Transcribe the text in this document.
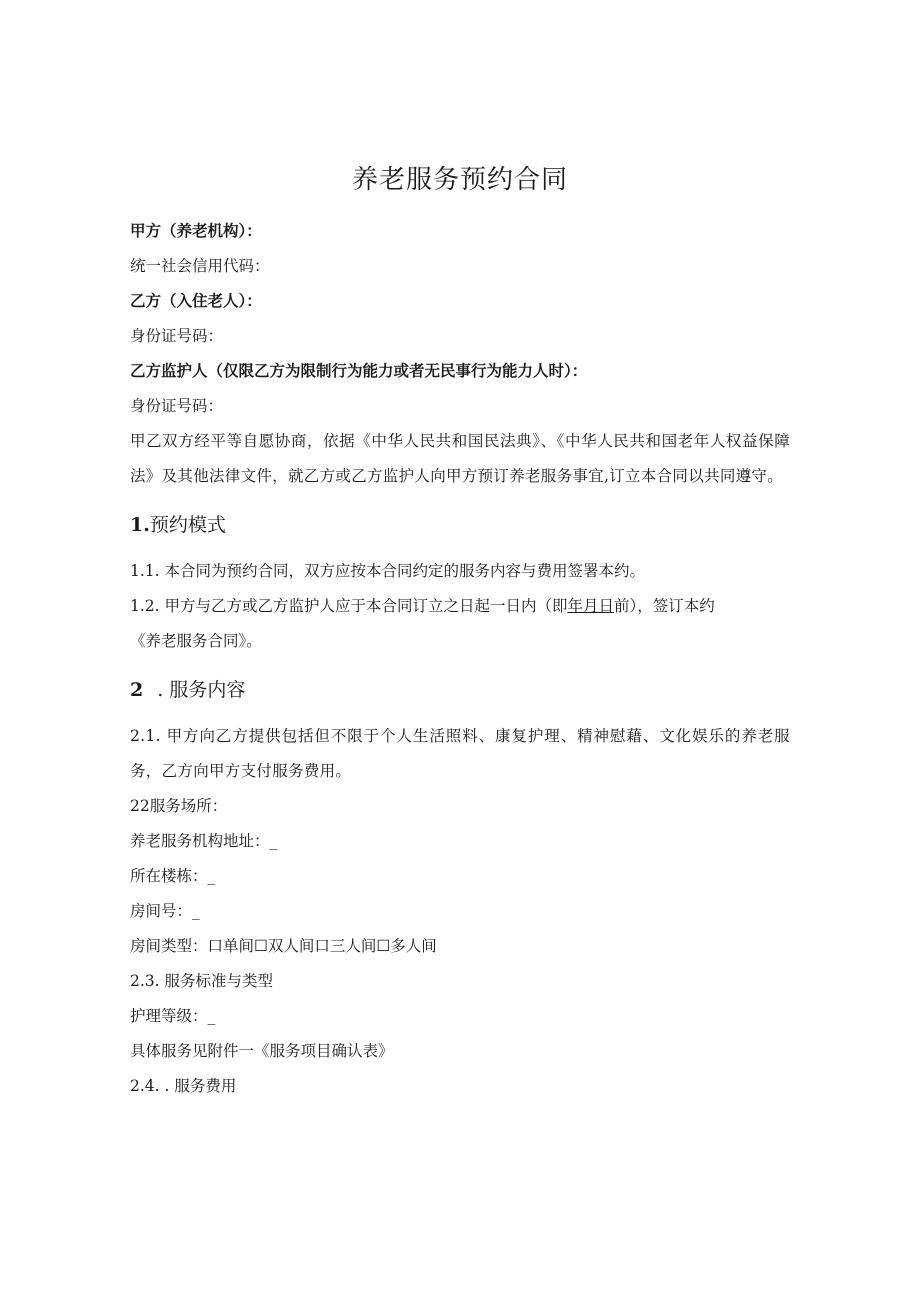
养老服务预约合同

甲方（养老机构）：

统一社会信用代码：

乙方（入住老人）：

身份证号码：

乙方监护人（仅限乙方为限制行为能力或者无民事行为能力人时）：

身份证号码：

甲乙双方经平等自愿协商，依据《中华人民共和国民法典》、《中华人民共和国老年人权益保障法》及其他法律文件，就乙方或乙方监护人向甲方预订养老服务事宜,订立本合同以共同遵守。

1.预约模式

1.1. 本合同为预约合同，双方应按本合同约定的服务内容与费用签署本约。

1.2. 甲方与乙方或乙方监护人应于本合同订立之日起一日内（即年月日前），签订本约

《养老服务合同》。

2 . 服务内容

2.1. 甲方向乙方提供包括但不限于个人生活照料、康复护理、精神慰藉、文化娱乐的养老服务，乙方向甲方支付服务费用。

22服务场所：

养老服务机构地址：_

所在楼栋：_

房间号：_

房间类型：口单间☐双人间口三人间☐多人间

2.3. 服务标准与类型

护理等级：_

具体服务见附件一《服务项目确认表》

2.4. . 服务费用
